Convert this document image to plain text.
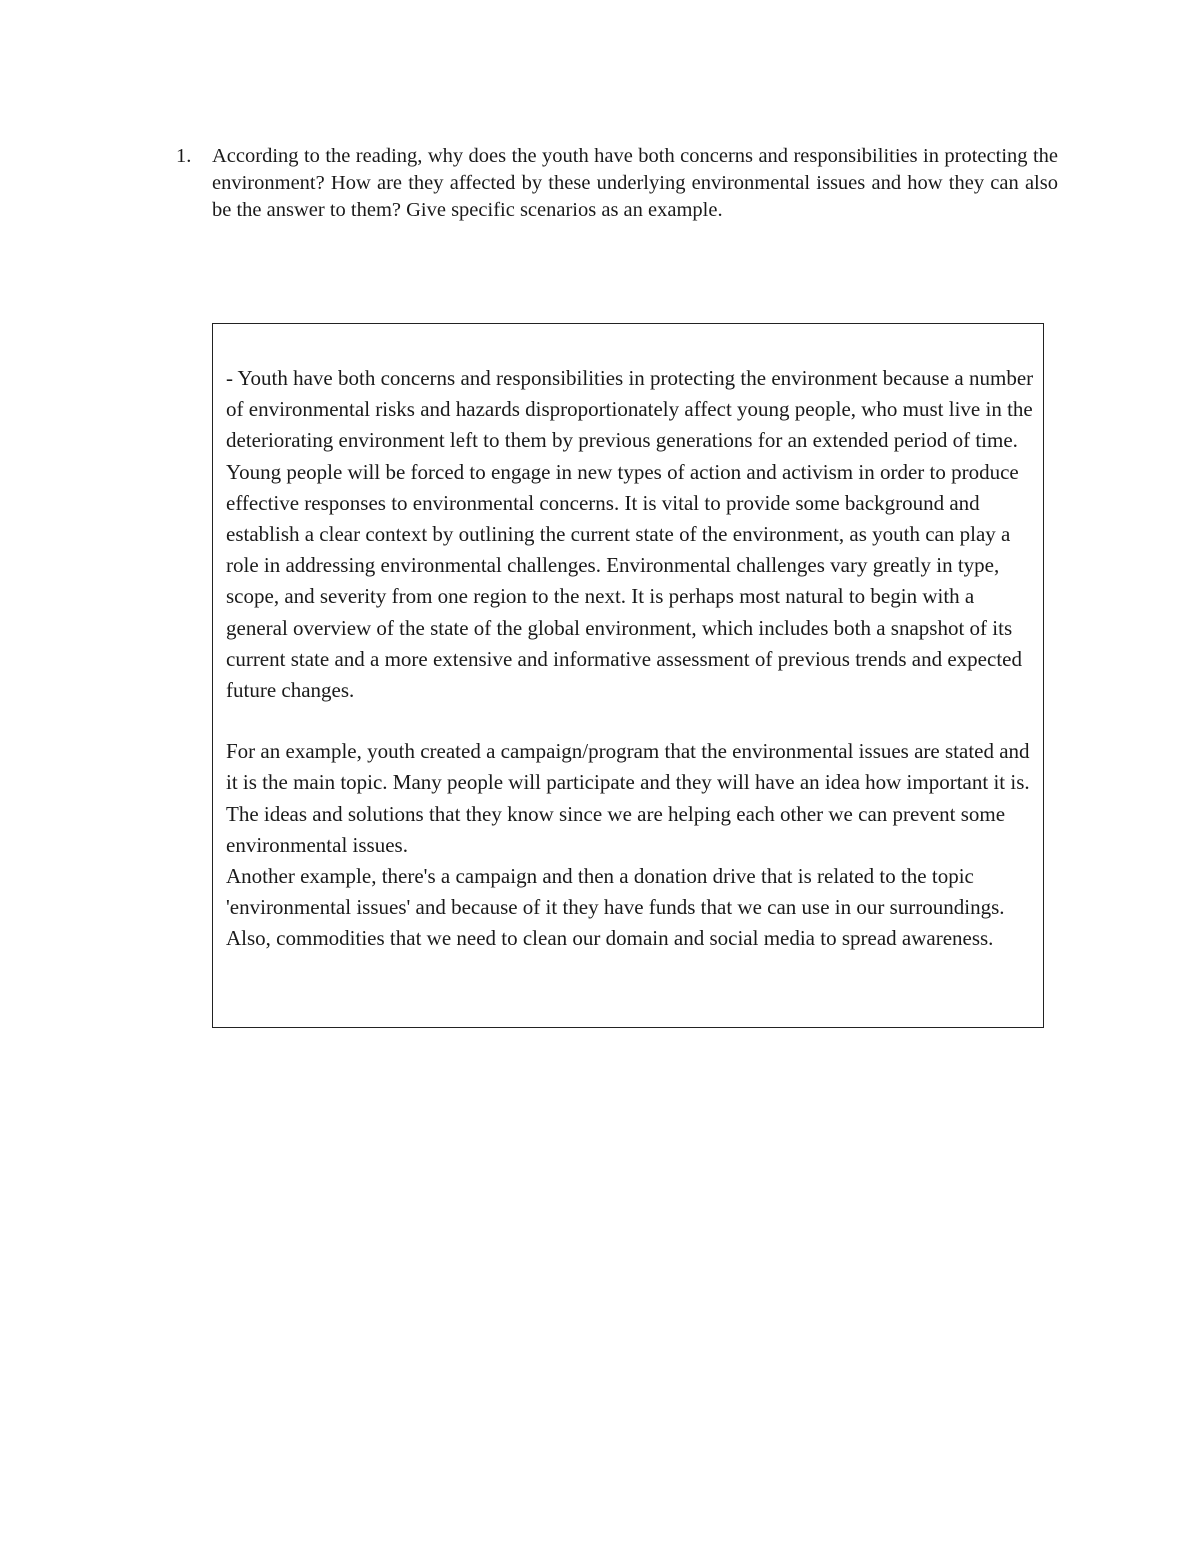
1.	According to the reading, why does the youth have both concerns and responsibilities in protecting the environment? How are they affected by these underlying environmental issues and how they can also be the answer to them? Give specific scenarios as an example.

- Youth have both concerns and responsibilities in protecting the environment because a number of environmental risks and hazards disproportionately affect young people, who must live in the deteriorating environment left to them by previous generations for an extended period of time. Young people will be forced to engage in new types of action and activism in order to produce effective responses to environmental concerns. It is vital to provide some background and establish a clear context by outlining the current state of the environment, as youth can play a role in addressing environmental challenges. Environmental challenges vary greatly in type, scope, and severity from one region to the next. It is perhaps most natural to begin with a general overview of the state of the global environment, which includes both a snapshot of its current state and a more extensive and informative assessment of previous trends and expected future changes.

For an example, youth created a campaign/program that the environmental issues are stated and it is the main topic. Many people will participate and they will have an idea how important it is. The ideas and solutions that they know since we are helping each other we can prevent some environmental issues.

Another example, there's a campaign and then a donation drive that is related to the topic 'environmental issues' and because of it they have funds that we can use in our surroundings. Also, commodities that we need to clean our domain and social media to spread awareness.
